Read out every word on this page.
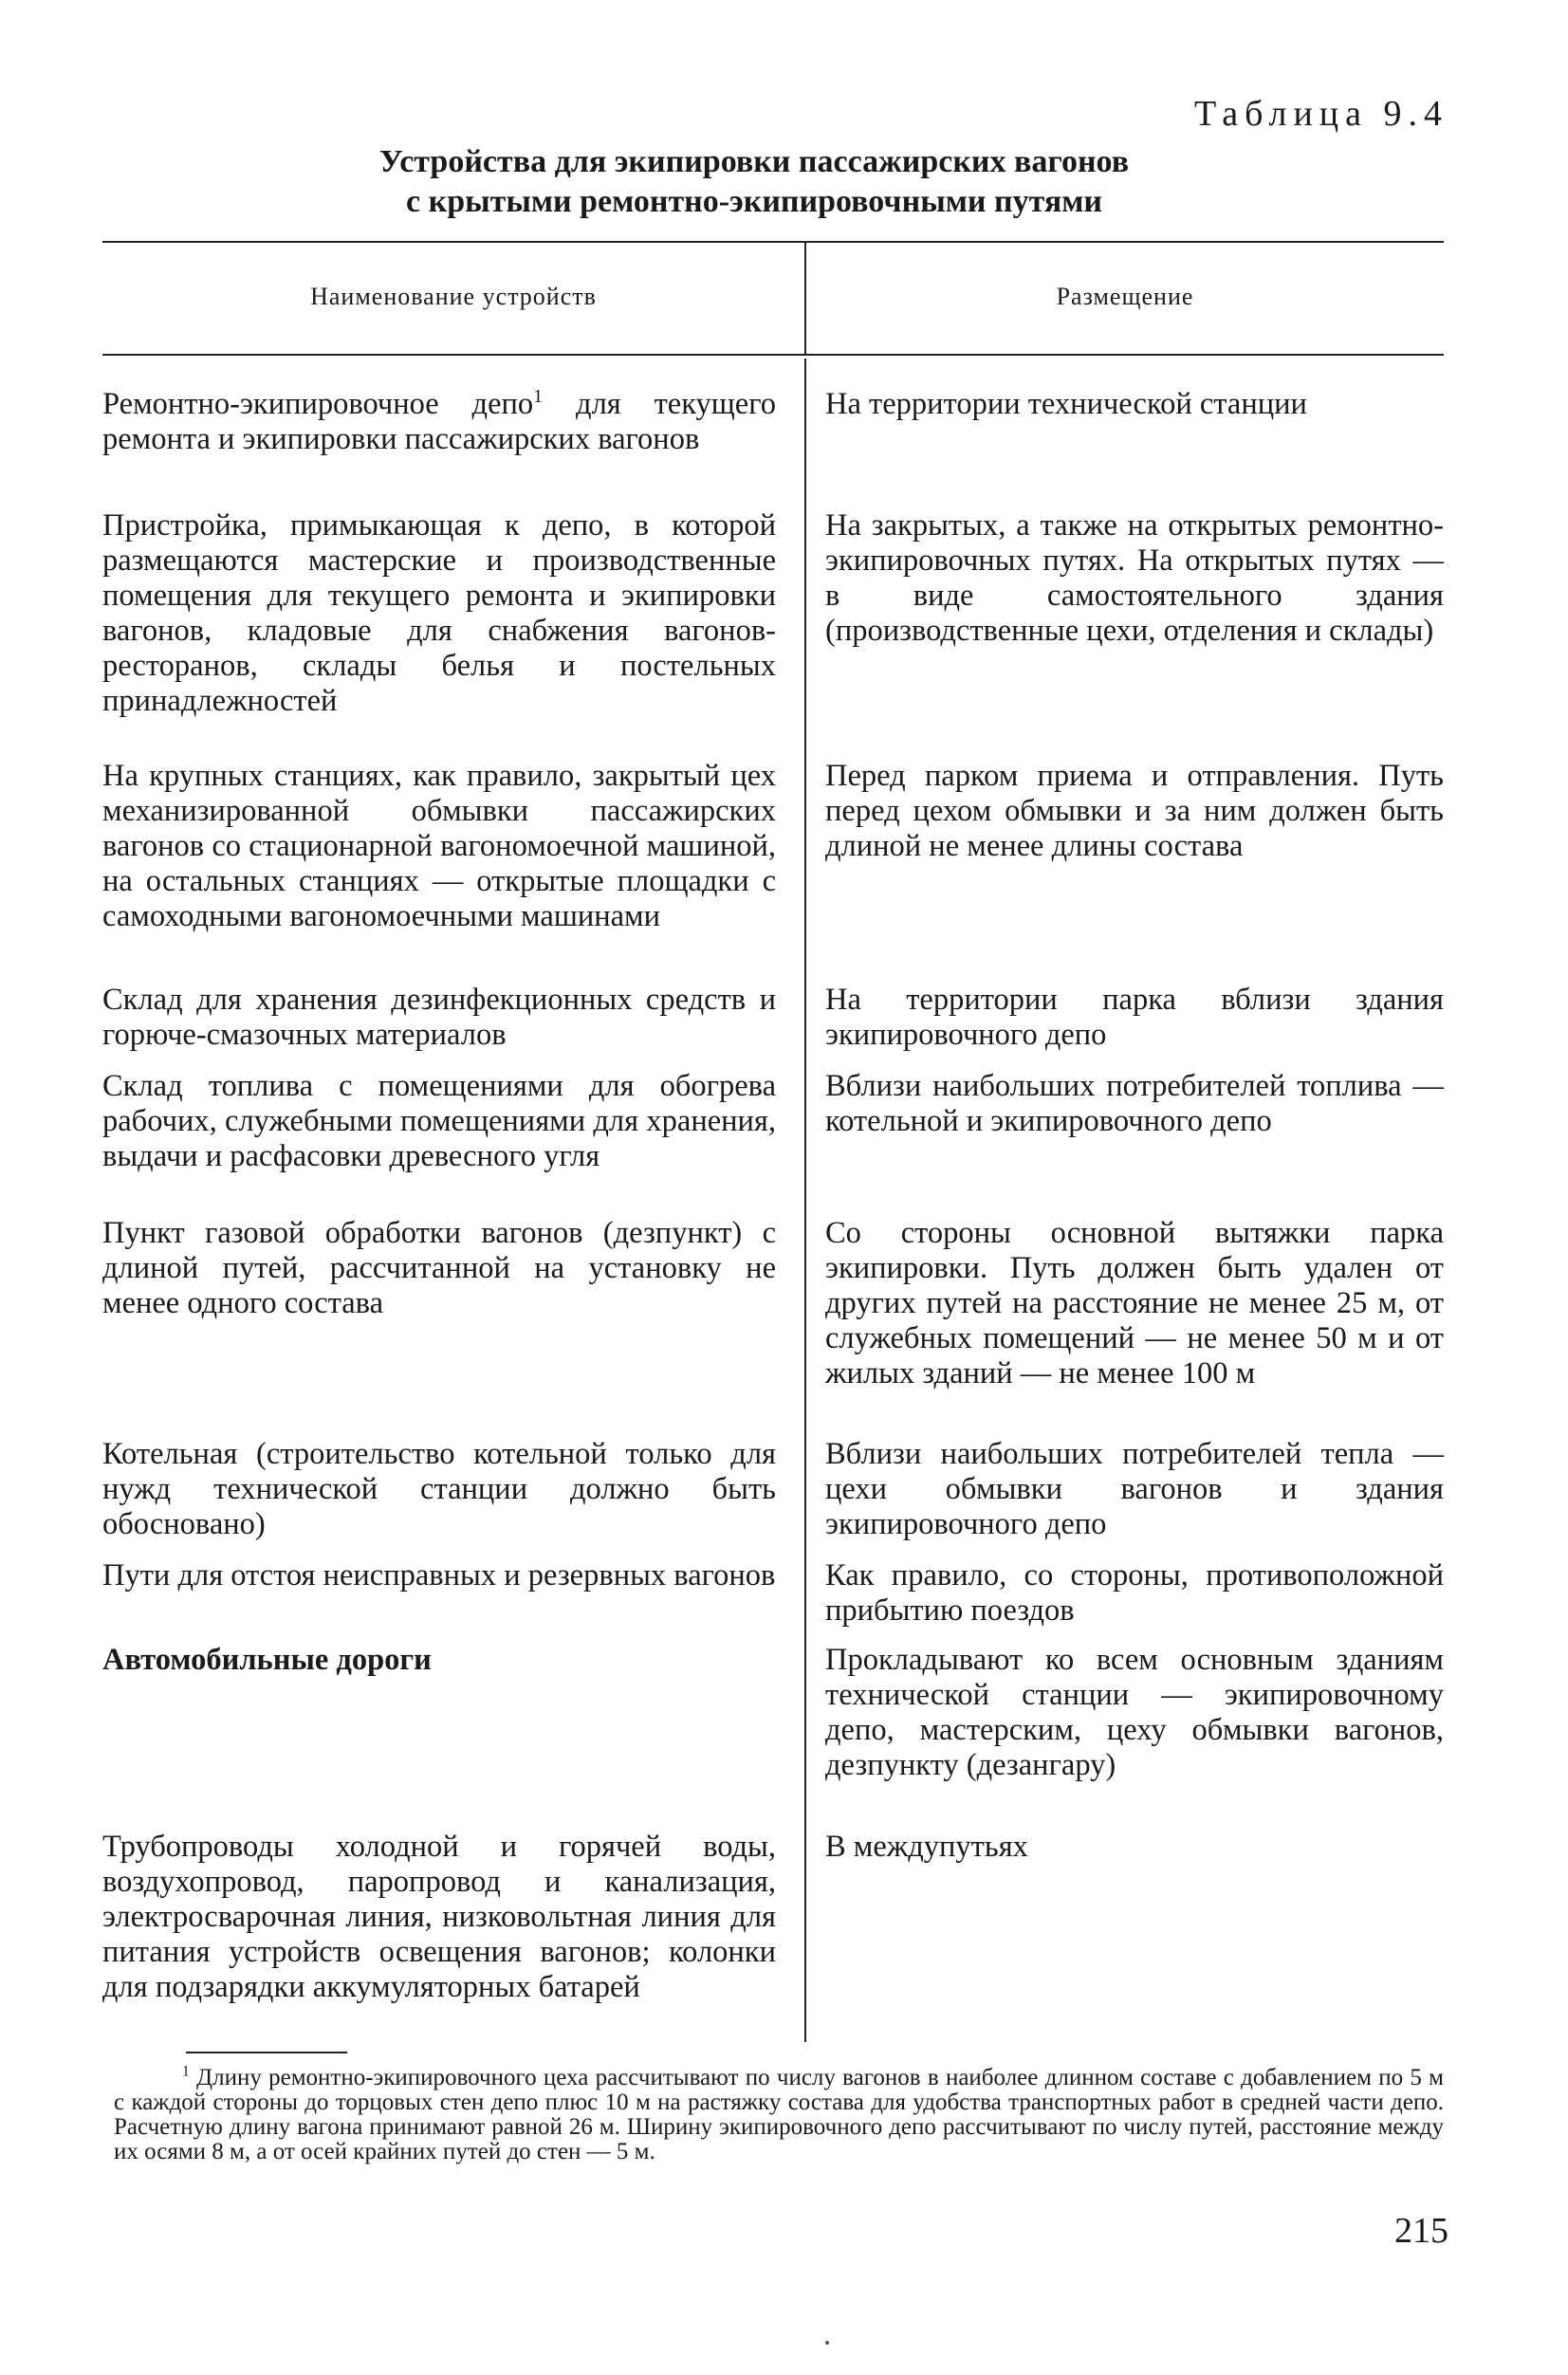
Таблица 9.4
Устройства для экипировки пассажирских вагонов
с крытыми ремонтно-экипировочными путями
Наименование устройств	Размещение
Ремонтно-экипировочное депо$^1$ для текущего ремонта и экипировки пассажирских вагонов
На территории технической станции
Пристройка, примыкающая к депо, в которой размещаются мастерские и производственные помещения для текущего ремонта и экипировки вагонов, кладовые для снабжения вагонов-ресторанов, склады белья и постельных принадлежностей
На закрытых, а также на открытых ремонтно-экипировочных путях. На открытых путях — в виде самостоятельного здания (производственные цехи, отделения и склады)
На крупных станциях, как правило, закрытый цех механизированной обмывки пассажирских вагонов со стационарной вагономоечной машиной, на остальных станциях — открытые площадки с самоходными вагономоечными машинами
Перед парком приема и отправления. Путь перед цехом обмывки и за ним должен быть длиной не менее длины состава
Склад для хранения дезинфекционных средств и горюче-смазочных материалов
На территории парка вблизи здания экипировочного депо
Склад топлива с помещениями для обогрева рабочих, служебными помещениями для хранения, выдачи и расфасовки древесного угля
Вблизи наибольших потребителей топлива — котельной и экипировочного депо
Пункт газовой обработки вагонов (дезпункт) с длиной путей, рассчитанной на установку не менее одного состава
Со стороны основной вытяжки парка экипировки. Путь должен быть удален от других путей на расстояние не менее 25 м, от служебных помещений — не менее 50 м и от жилых зданий — не менее 100 м
Котельная (строительство котельной только для нужд технической станции должно быть обосновано)
Вблизи наибольших потребителей тепла — цехи обмывки вагонов и здания экипировочного депо
Пути для отстоя неисправных и резервных вагонов Как правило, со стороны, противоположной прибытию поездов
Автомобильные дороги	Прокладывают ко всем основным зданиям технической станции — экипировочному депо, мастерским, цеху обмывки вагонов, дезпункту (дезангару)
Трубопроводы холодной и горячей воды, воздухопровод, паропровод и канализация, электросварочная линия, низковольтная линия для питания устройств освещения вагонов; колонки для подзарядки аккумуляторных батарей
В междупутьях
$^1$ Длину ремонтно-экипировочного цеха рассчитывают по числу вагонов в наиболее длинном составе с добавлением по 5 м с каждой стороны до торцовых стен депо плюс 10 м на растяжку состава для удобства транспортных работ в средней части депо. Расчетную длину вагона принимают равной 26 м. Ширину экипировочного депо рассчитывают по числу путей, расстояние между их осями 8 м, а от осей крайних путей до стен — 5 м.
215
